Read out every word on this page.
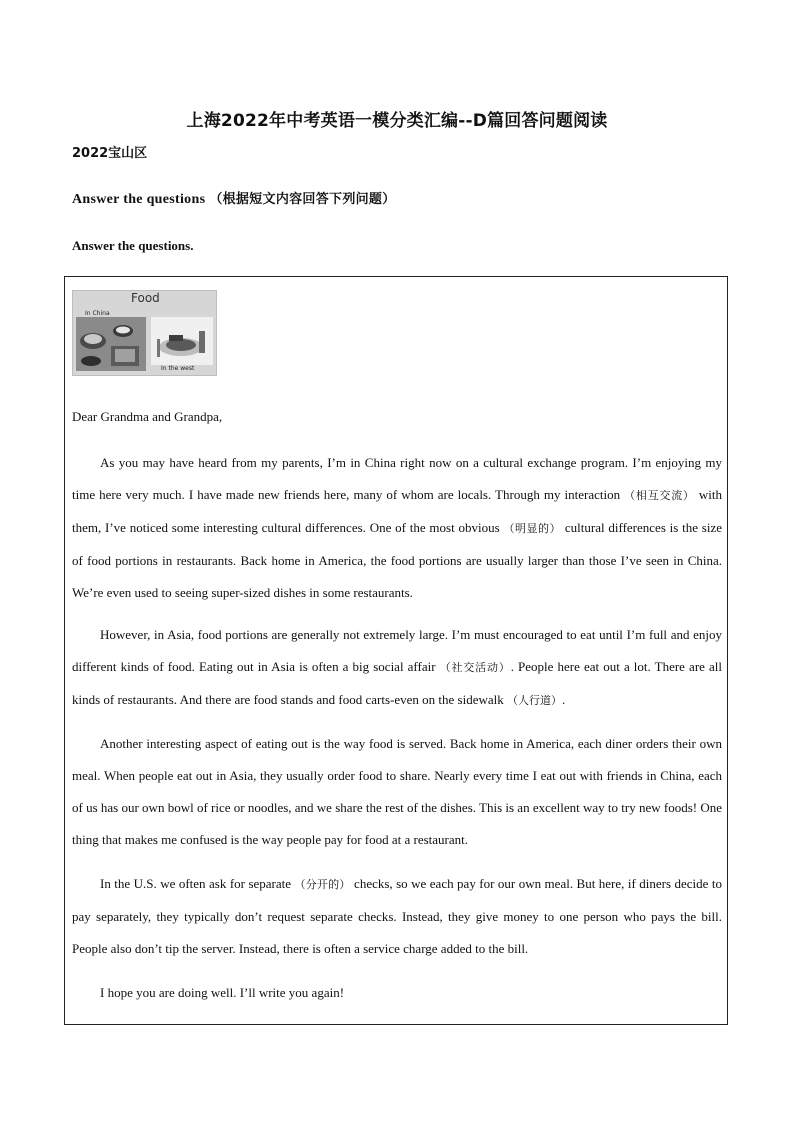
上海2022年中考英语一模分类汇编--D篇回答问题阅读
2022宝山区
Answer the questions （根据短文内容回答下列问题）
Answer the questions.
Food
In China
In the west
Dear Grandma and Grandpa,
As you may have heard from my parents, I’m in China right now on a cultural exchange program. I’m enjoying my time here very much. I have made new friends here, many of whom are locals. Through my interaction （相互交流） with them, I’ve noticed some interesting cultural differences. One of the most obvious （明显的） cultural differences is the size of food portions in restaurants. Back home in America, the food portions are usually larger than those I’ve seen in China. We’re even used to seeing super-sized dishes in some restaurants.
However, in Asia, food portions are generally not extremely large. I’m must encouraged to eat until I’m full and enjoy different kinds of food. Eating out in Asia is often a big social affair （社交活动）. People here eat out a lot. There are all kinds of restaurants. And there are food stands and food carts-even on the sidewalk （人行道）.
Another interesting aspect of eating out is the way food is served. Back home in America, each diner orders their own meal. When people eat out in Asia, they usually order food to share. Nearly every time I eat out with friends in China, each of us has our own bowl of rice or noodles, and we share the rest of the dishes. This is an excellent way to try new foods! One thing that makes me confused is the way people pay for food at a restaurant.
In the U.S. we often ask for separate （分开的） checks, so we each pay for our own meal. But here, if diners decide to pay separately, they typically don’t request separate checks. Instead, they give money to one person who pays the bill. People also don’t tip the server. Instead, there is often a service charge added to the bill.
I hope you are doing well. I’ll write you again!
